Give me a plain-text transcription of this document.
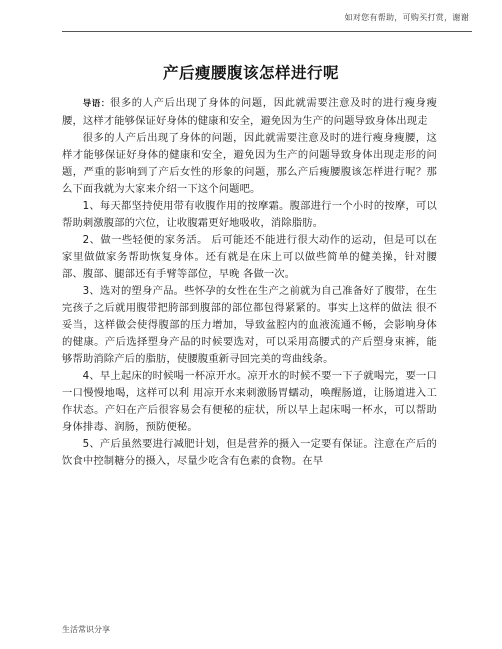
如对您有帮助，可购买打赏，谢谢
产后瘦腰腹该怎样进行呢

导语：很多的人产后出现了身体的问题，因此就需要注意及时的进行瘦身瘦腰，这样才能够保证好身体的健康和安全，避免因为生产的问题导致身体出现走

很多的人产后出现了身体的问题，因此就需要注意及时的进行瘦身瘦腰，这样才能够保证好身体的健康和安全，避免因为生产的问题导致身体出现走形的问题，严重的影响到了产后女性的形象的问题，那么产后瘦腰腹该怎样进行呢？那么下面我就为大家来介绍一下这个问题吧。

1、每天都坚持使用带有收腹作用的按摩霜。腹部进行一个小时的按摩，可以帮助刺激腹部的穴位，让收腹霜更好地吸收，消除脂肪。

2、做一些轻便的家务活。 后可能还不能进行很大动作的运动，但是可以在家里做做家务帮助恢复身体。还有就是在床上可以做些简单的健美操，针对腰部、腹部、腿部还有手臂等部位，早晚 各做一次。

3、选对的塑身产品。些怀孕的女性在生产之前就为自己准备好了腹带，在生完孩子之后就用腹带把胯部到腹部的部位都包得紧紧的。事实上这样的做法 很不妥当，这样做会使得腹部的压力增加，导致盆腔内的血液流通不畅，会影响身体的健康。产后选择塑身产品的时候要选对，可以采用高腰式的产后塑身束裤，能 够帮助消除产后的脂肪，使腰腹重新寻回完美的弯曲线条。

4、早上起床的时候喝一杯凉开水。凉开水的时候不要一下子就喝完，要一口一口慢慢地喝，这样可以利 用凉开水来刺激肠胃蠕动，唤醒肠道，让肠道进入工作状态。产妇在产后很容易会有便秘的症状，所以早上起床喝一杯水，可以帮助身体排毒、润肠，预防便秘。

5、产后虽然要进行减肥计划，但是营养的摄入一定要有保证。注意在产后的饮食中控制糖分的摄入，尽量少吃含有色素的食物。在早

生活常识分享
